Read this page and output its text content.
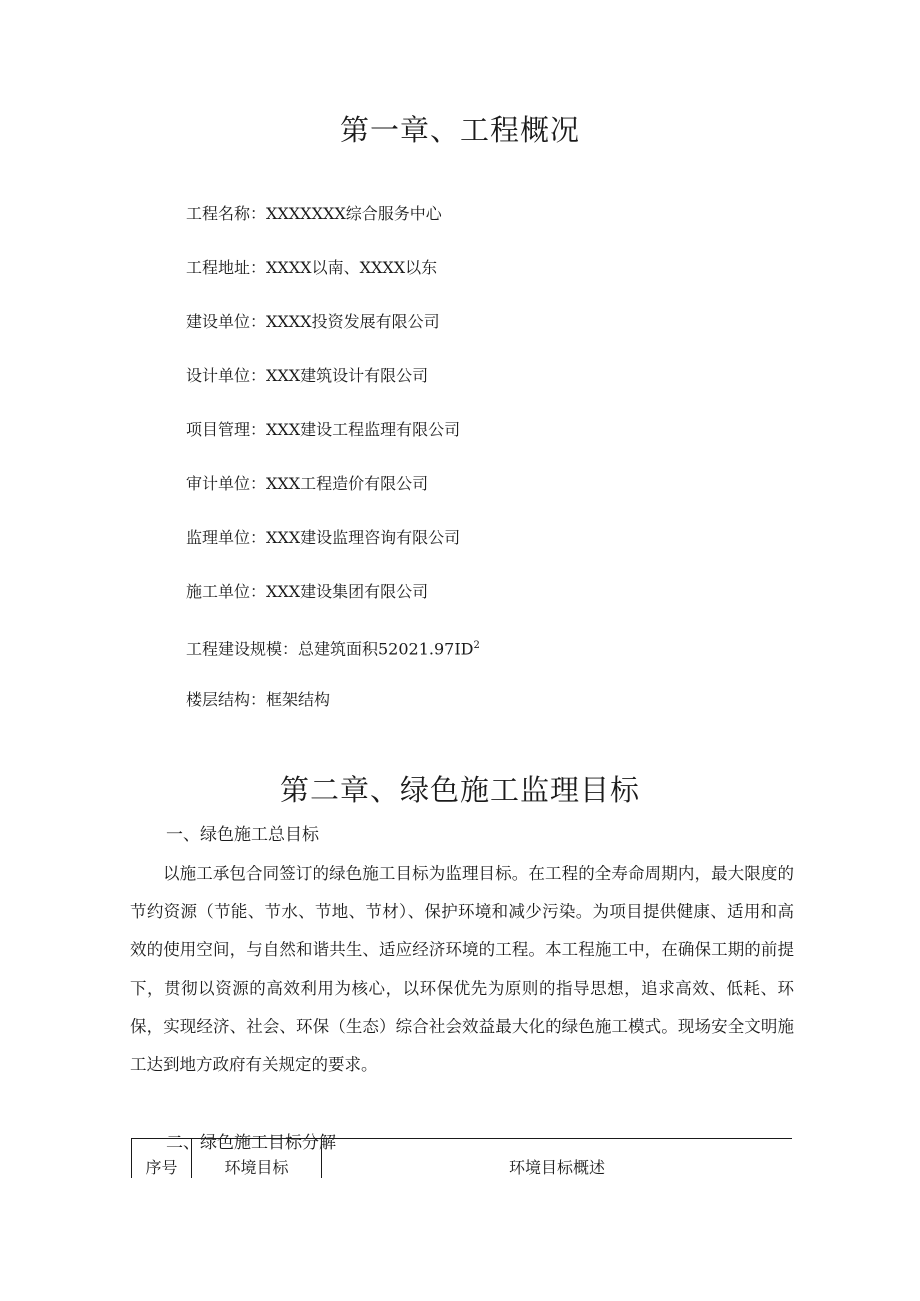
第一章、工程概况
工程名称：XXXXXXX综合服务中心
工程地址：XXXX以南、XXXX以东
建设单位：XXXX投资发展有限公司
设计单位：XXX建筑设计有限公司
项目管理：XXX建设工程监理有限公司
审计单位：XXX工程造价有限公司
监理单位：XXX建设监理咨询有限公司
施工单位：XXX建设集团有限公司
工程建设规模：总建筑面积$52021.97ID^2$
楼层结构：框架结构
第二章、绿色施工监理目标
一、绿色施工总目标

以施工承包合同签订的绿色施工目标为监理目标。在工程的全寿命周期内，最大限度的节约资源（节能、节水、节地、节材）、保护环境和减少污染。为项目提供健康、适用和高效的使用空间，与自然和谐共生、适应经济环境的工程。本工程施工中，在确保工期的前提下，贯彻以资源的高效利用为核心，以环保优先为原则的指导思想，追求高效、低耗、环保，实现经济、社会、环保（生态）综合社会效益最大化的绿色施工模式。现场安全文明施工达到地方政府有关规定的要求。

二、绿色施工目标分解
序号	环境目标	环境目标概述
